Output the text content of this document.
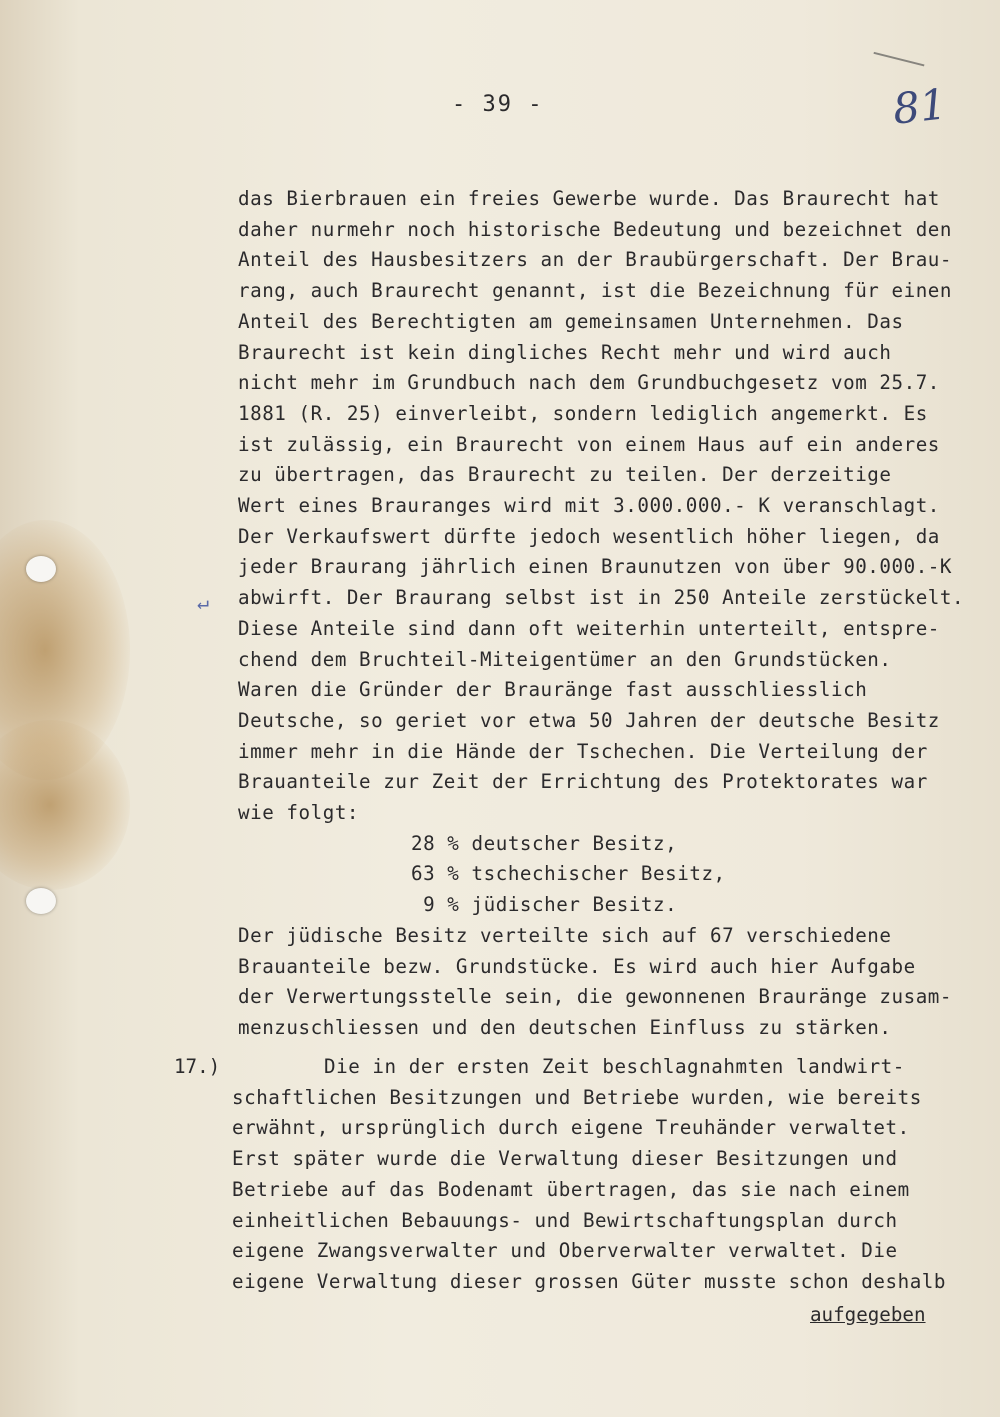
- 39 -	81
↵
das Bierbrauen ein freies Gewerbe wurde. Das Braurecht hat
daher nurmehr noch historische Bedeutung und bezeichnet den
Anteil des Hausbesitzers an der Braubürgerschaft. Der Brau-
rang, auch Braurecht genannt, ist die Bezeichnung für einen
Anteil des Berechtigten am gemeinsamen Unternehmen. Das
Braurecht ist kein dingliches Recht mehr und wird auch
nicht mehr im Grundbuch nach dem Grundbuchgesetz vom 25.7.
1881 (R. 25) einverleibt, sondern lediglich angemerkt. Es
ist zulässig, ein Braurecht von einem Haus auf ein anderes
zu übertragen, das Braurecht zu teilen. Der derzeitige
Wert eines Brauranges wird mit 3.000.000.- K veranschlagt.
Der Verkaufswert dürfte jedoch wesentlich höher liegen, da
jeder Braurang jährlich einen Braunutzen von über 90.000.-K
abwirft. Der Braurang selbst ist in 250 Anteile zerstückelt.
Diese Anteile sind dann oft weiterhin unterteilt, entspre-
chend dem Bruchteil-Miteigentümer an den Grundstücken.
Waren die Gründer der Brauränge fast ausschliesslich
Deutsche, so geriet vor etwa 50 Jahren der deutsche Besitz
immer mehr in die Hände der Tschechen. Die Verteilung der
Brauanteile zur Zeit der Errichtung des Protektorates war
wie folgt:
28 % deutscher Besitz,
63 % tschechischer Besitz,
9 % jüdischer Besitz.
Der jüdische Besitz verteilte sich auf 67 verschiedene
Brauanteile bezw. Grundstücke. Es wird auch hier Aufgabe
der Verwertungsstelle sein, die gewonnenen Brauränge zusam-
menzuschliessen und den deutschen Einfluss zu stärken.
17.)	Die in der ersten Zeit beschlagnahmten landwirt-
schaftlichen Besitzungen und Betriebe wurden, wie bereits
erwähnt, ursprünglich durch eigene Treuhänder verwaltet.
Erst später wurde die Verwaltung dieser Besitzungen und
Betriebe auf das Bodenamt übertragen, das sie nach einem
einheitlichen Bebauungs- und Bewirtschaftungsplan durch
eigene Zwangsverwalter und Oberverwalter verwaltet. Die
eigene Verwaltung dieser grossen Güter musste schon deshalb
aufgegeben
